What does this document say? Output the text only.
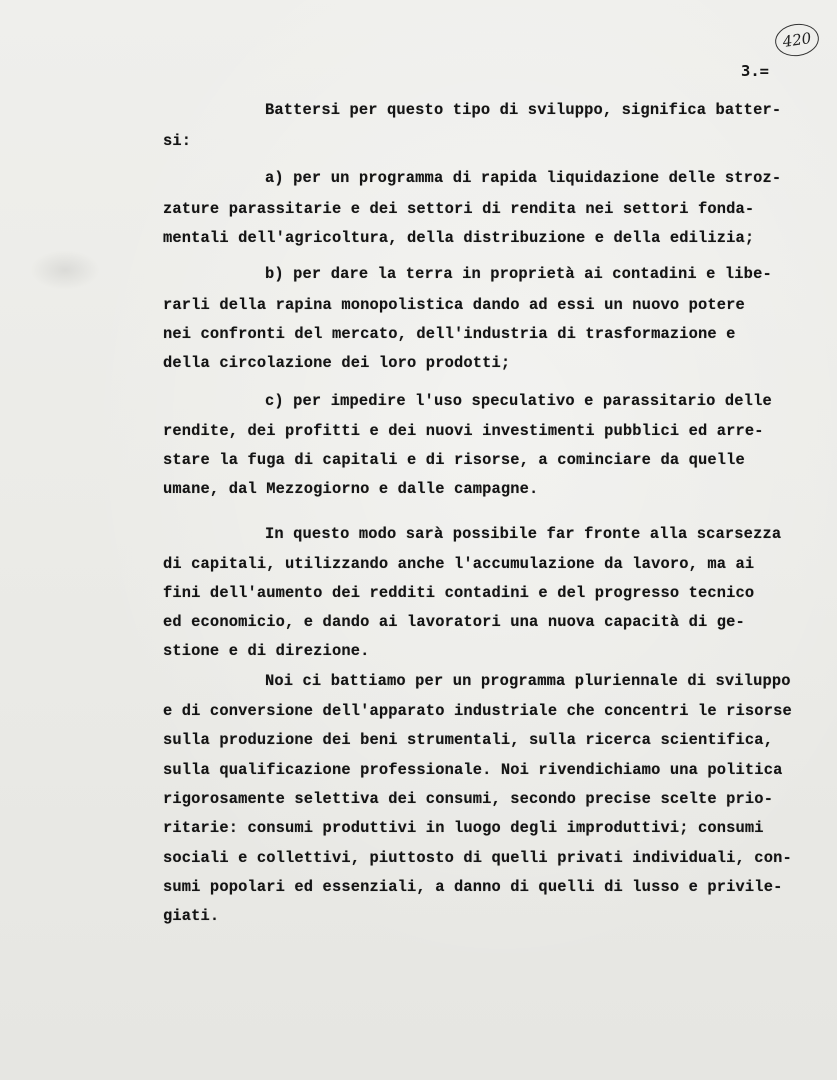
420
3.=
Battersi per questo tipo di sviluppo, significa batter-
si:
a) per un programma di rapida liquidazione delle stroz-
zature parassitarie e dei settori di rendita nei settori fonda-
mentali dell'agricoltura, della distribuzione e della edilizia;
b) per dare la terra in proprietà ai contadini e libe-
rarli della rapina monopolistica dando ad essi un nuovo potere
nei confronti del mercato, dell'industria di trasformazione e
della circolazione dei loro prodotti;
c) per impedire l'uso speculativo e parassitario delle
rendite, dei profitti e dei nuovi investimenti pubblici ed arre-
stare la fuga di capitali e di risorse, a cominciare da quelle
umane, dal Mezzogiorno e dalle campagne.
In questo modo sarà possibile far fronte alla scarsezza
di capitali, utilizzando anche l'accumulazione da lavoro, ma ai
fini dell'aumento dei redditi contadini e del progresso tecnico
ed economicio, e dando ai lavoratori una nuova capacità di ge-
stione e di direzione.
Noi ci battiamo per un programma pluriennale di sviluppo
e di conversione dell'apparato industriale che concentri le risorse
sulla produzione dei beni strumentali, sulla ricerca scientifica,
sulla qualificazione professionale. Noi rivendichiamo una politica
rigorosamente selettiva dei consumi, secondo precise scelte prio-
ritarie: consumi produttivi in luogo degli improduttivi; consumi
sociali e collettivi, piuttosto di quelli privati individuali, con-
sumi popolari ed essenziali, a danno di quelli di lusso e privile-
giati.
